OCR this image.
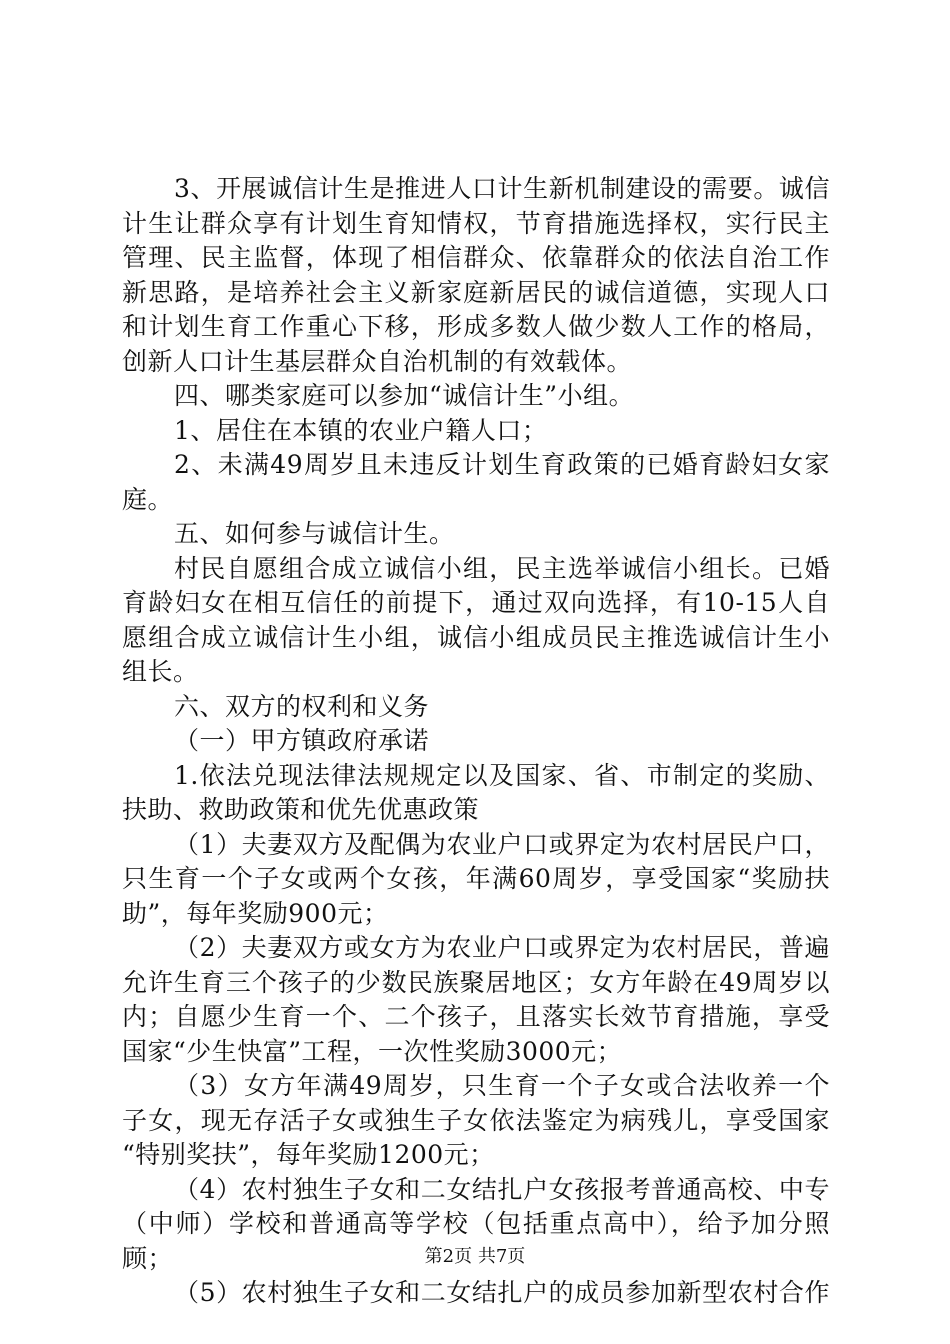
3、开展诚信计生是推进人口计生新机制建设的需要。诚信
计生让群众享有计划生育知情权，节育措施选择权，实行民主
管理、民主监督，体现了相信群众、依靠群众的依法自治工作
新思路，是培养社会主义新家庭新居民的诚信道德，实现人口
和计划生育工作重心下移，形成多数人做少数人工作的格局，
创新人口计生基层群众自治机制的有效载体。
四、哪类家庭可以参加“诚信计生”小组。
1、居住在本镇的农业户籍人口；
2、未满49周岁且未违反计划生育政策的已婚育龄妇女家
庭。
五、如何参与诚信计生。
村民自愿组合成立诚信小组，民主选举诚信小组长。已婚
育龄妇女在相互信任的前提下，通过双向选择，有10-15人自
愿组合成立诚信计生小组，诚信小组成员民主推选诚信计生小
组长。
六、双方的权利和义务
（一）甲方镇政府承诺
1.依法兑现法律法规规定以及国家、省、市制定的奖励、
扶助、救助政策和优先优惠政策
（1）夫妻双方及配偶为农业户口或界定为农村居民户口，
只生育一个子女或两个女孩，年满60周岁，享受国家“奖励扶
助”，每年奖励900元；
（2）夫妻双方或女方为农业户口或界定为农村居民，普遍
允许生育三个孩子的少数民族聚居地区；女方年龄在49周岁以
内；自愿少生育一个、二个孩子，且落实长效节育措施，享受
国家“少生快富”工程，一次性奖励3000元；
（3）女方年满49周岁，只生育一个子女或合法收养一个
子女，现无存活子女或独生子女依法鉴定为病残儿，享受国家
“特别奖扶”，每年奖励1200元；
（4）农村独生子女和二女结扎户女孩报考普通高校、中专
（中师）学校和普通高等学校（包括重点高中），给予加分照
顾；
（5）农村独生子女和二女结扎户的成员参加新型农村合作
第2页 共7页
